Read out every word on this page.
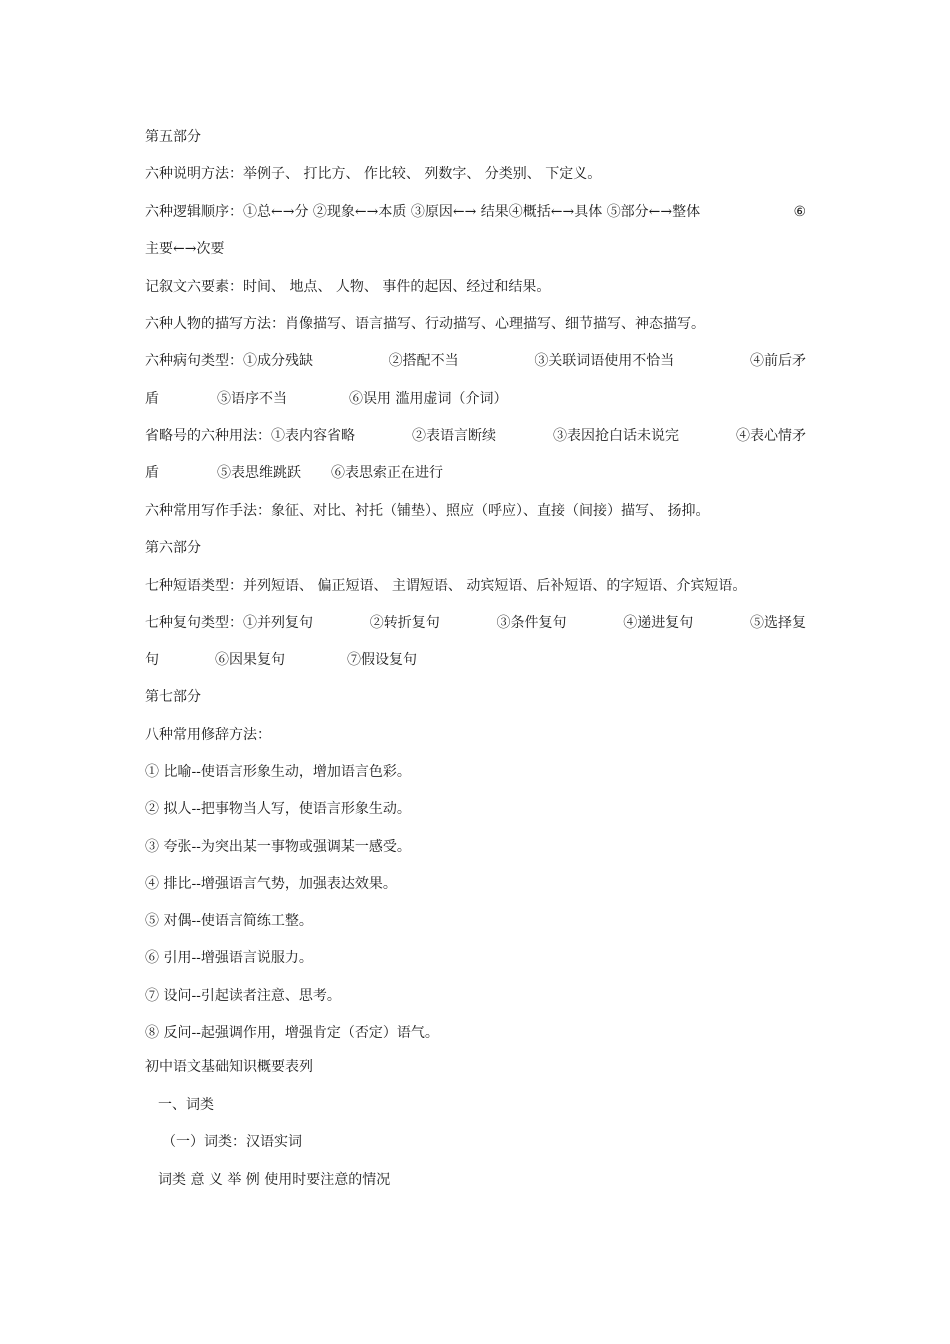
第五部分

六种说明方法：举例子、 打比方、 作比较、 列数字、 分类别、 下定义。

六种逻辑顺序：①总←→分 ②现象←→本质 ③原因←→ 结果④概括←→具体 ⑤部分←→整体	⑥

主要←→次要

记叙文六要素：时间、 地点、 人物、 事件的起因、经过和结果。

六种人物的描写方法：肖像描写、语言描写、行动描写、心理描写、细节描写、神态描写。

六种病句类型：①成分残缺	②搭配不当	③关联词语使用不恰当	④前后矛

盾	⑤语序不当	⑥误用 滥用虚词（介词）

省略号的六种用法：①表内容省略	②表语言断续	③表因抢白话未说完	④表心情矛

盾	⑤表思维跳跃 ⑥表思索正在进行

六种常用写作手法：象征、对比、衬托（铺垫）、照应（呼应）、直接（间接）描写、 扬抑。

第六部分

七种短语类型：并列短语、 偏正短语、 主谓短语、 动宾短语、后补短语、的字短语、介宾短语。

七种复句类型：①并列复句	②转折复句	③条件复句	④递进复句	⑤选择复

句	⑥因果复句	⑦假设复句

第七部分

八种常用修辞方法：

① 比喻--使语言形象生动，增加语言色彩。

② 拟人--把事物当人写，使语言形象生动。

③ 夸张--为突出某一事物或强调某一感受。

④ 排比--增强语言气势，加强表达效果。

⑤ 对偶--使语言简练工整。

⑥ 引用--增强语言说服力。

⑦ 设问--引起读者注意、思考。

⑧ 反问--起强调作用，增强肯定（否定）语气。

初中语文基础知识概要表列

一、词类

（一）词类：汉语实词

词类 意 义 举 例 使用时要注意的情况
